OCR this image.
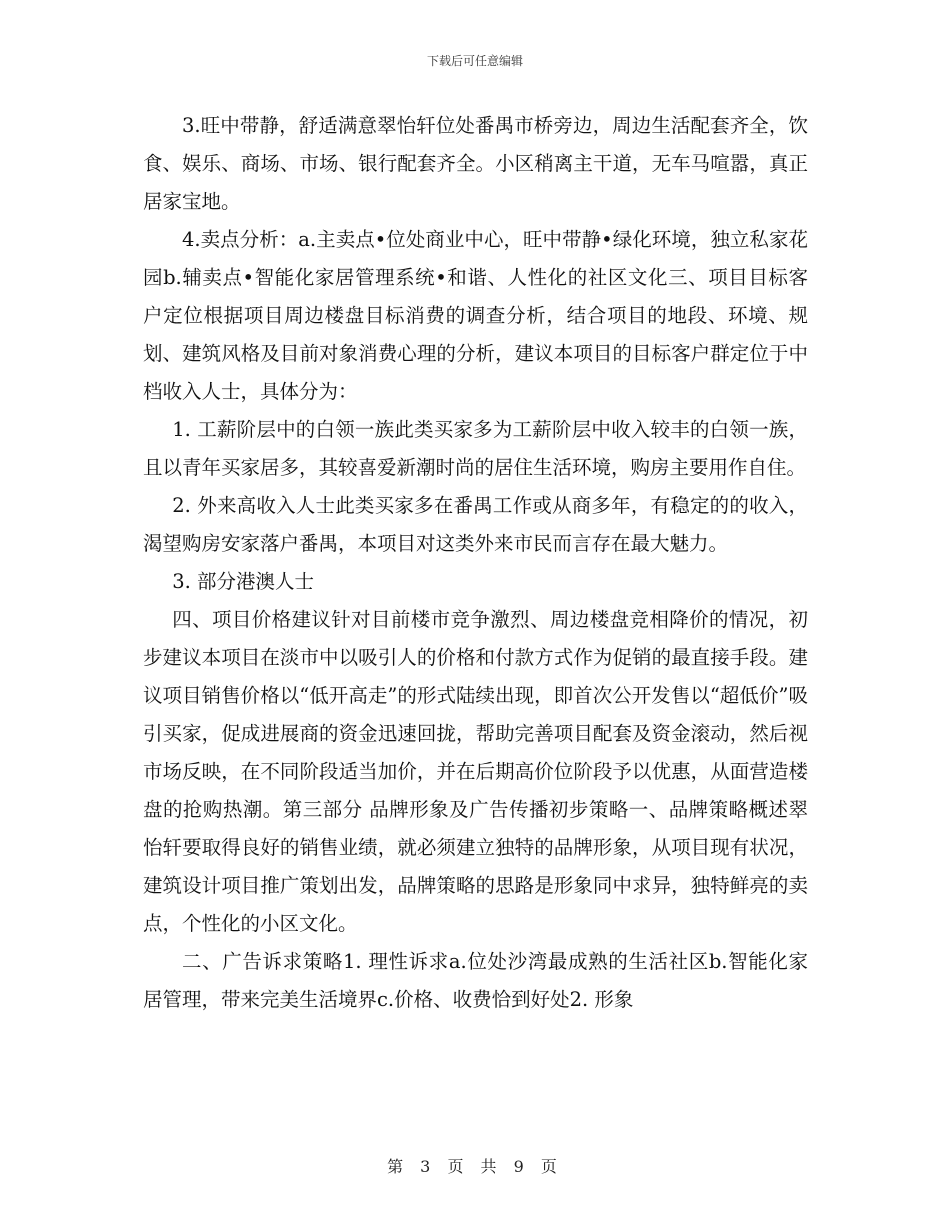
下载后可任意编辑

3.旺中带静，舒适满意翠怡轩位处番禺市桥旁边，周边生活配套齐全，饮食、娱乐、商场、市场、银行配套齐全。小区稍离主干道，无车马喧嚣，真正居家宝地。

4.卖点分析：a.主卖点•位处商业中心，旺中带静•绿化环境，独立私家花园b.辅卖点•智能化家居管理系统•和谐、人性化的社区文化三、项目目标客户定位根据项目周边楼盘目标消费的调查分析，结合项目的地段、环境、规划、建筑风格及目前对象消费心理的分析，建议本项目的目标客户群定位于中档收入人士，具体分为：

1. 工薪阶层中的白领一族此类买家多为工薪阶层中收入较丰的白领一族，且以青年买家居多，其较喜爱新潮时尚的居住生活环境，购房主要用作自住。

2. 外来高收入人士此类买家多在番禺工作或从商多年，有稳定的的收入，渴望购房安家落户番禺，本项目对这类外来市民而言存在最大魅力。

3. 部分港澳人士

四、项目价格建议针对目前楼市竞争激烈、周边楼盘竞相降价的情况，初步建议本项目在淡市中以吸引人的价格和付款方式作为促销的最直接手段。建议项目销售价格以“低开高走”的形式陆续出现，即首次公开发售以“超低价”吸引买家，促成进展商的资金迅速回拢，帮助完善项目配套及资金滚动，然后视市场反映，在不同阶段适当加价，并在后期高价位阶段予以优惠，从面营造楼盘的抢购热潮。第三部分 品牌形象及广告传播初步策略一、品牌策略概述翠怡轩要取得良好的销售业绩，就必须建立独特的品牌形象，从项目现有状况，建筑设计项目推广策划出发，品牌策略的思路是形象同中求异，独特鲜亮的卖点，个性化的小区文化。

二、广告诉求策略1. 理性诉求a.位处沙湾最成熟的生活社区b.智能化家居管理，带来完美生活境界c.价格、收费恰到好处2. 形象

第 3 页 共 9 页
